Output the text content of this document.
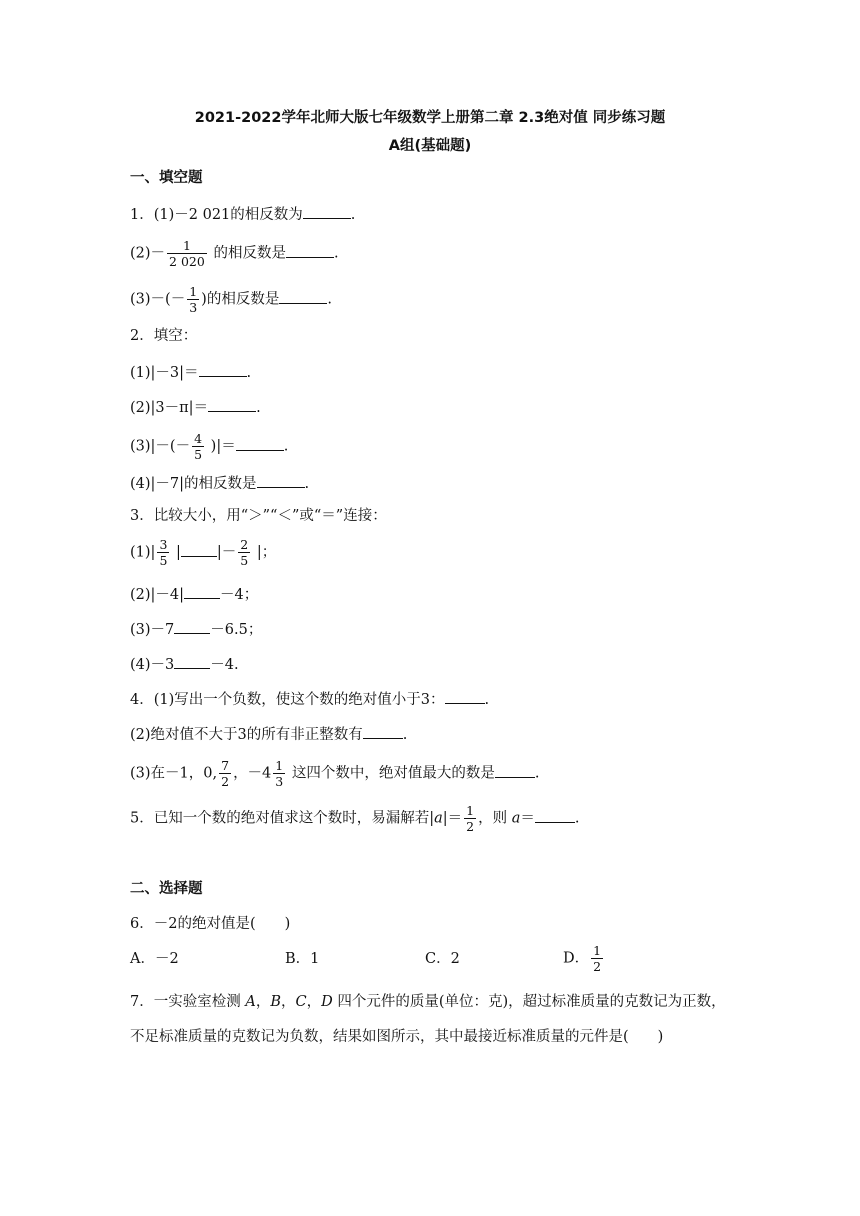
2021-2022学年北师大版七年级数学上册第二章 2.3绝对值 同步练习题
A组(基础题)
一、填空题
1．(1)－2 021的相反数为	.
$(2)- \frac{1}{2 020}$ 的相反数是	.
$(3)-(- \frac{1}{3}$ )的相反数是	.
2．填空：
(1)|－3|＝	.
(2)|3－π|＝	.
$(3)|-(- \frac{4}{5}$ )|＝	.
(4)|－7|的相反数是	.
3．比较大小，用“＞”“＜”或“＝”连接：
$(1)| \frac{3}{5}$ | |－ $\frac{2}{5}$ |；
(2)|－4| －4；
(3)－7 －6.5；
(4)－3 －4.
4．(1)写出一个负数，使这个数的绝对值小于3：	.
(2)绝对值不大于3的所有非正整数有	.
(3)在－1，0, $\frac{7}{2}$ ，$-4 \frac{1}{3}$ 这四个数中，绝对值最大的数是	.
5．已知一个数的绝对值求这个数时，易漏解若$|a|= \frac{1}{2}$ ，则 a＝	.
二、选择题
6．－2的绝对值是(　　)
A．－2	B．1	C．2	D． $\frac{1}{2}$
7．一实验室检测 A，B，C，D 四个元件的质量(单位：克)，超过标准质量的克数记为正数，
不足标准质量的克数记为负数，结果如图所示，其中最接近标准质量的元件是(　　)
